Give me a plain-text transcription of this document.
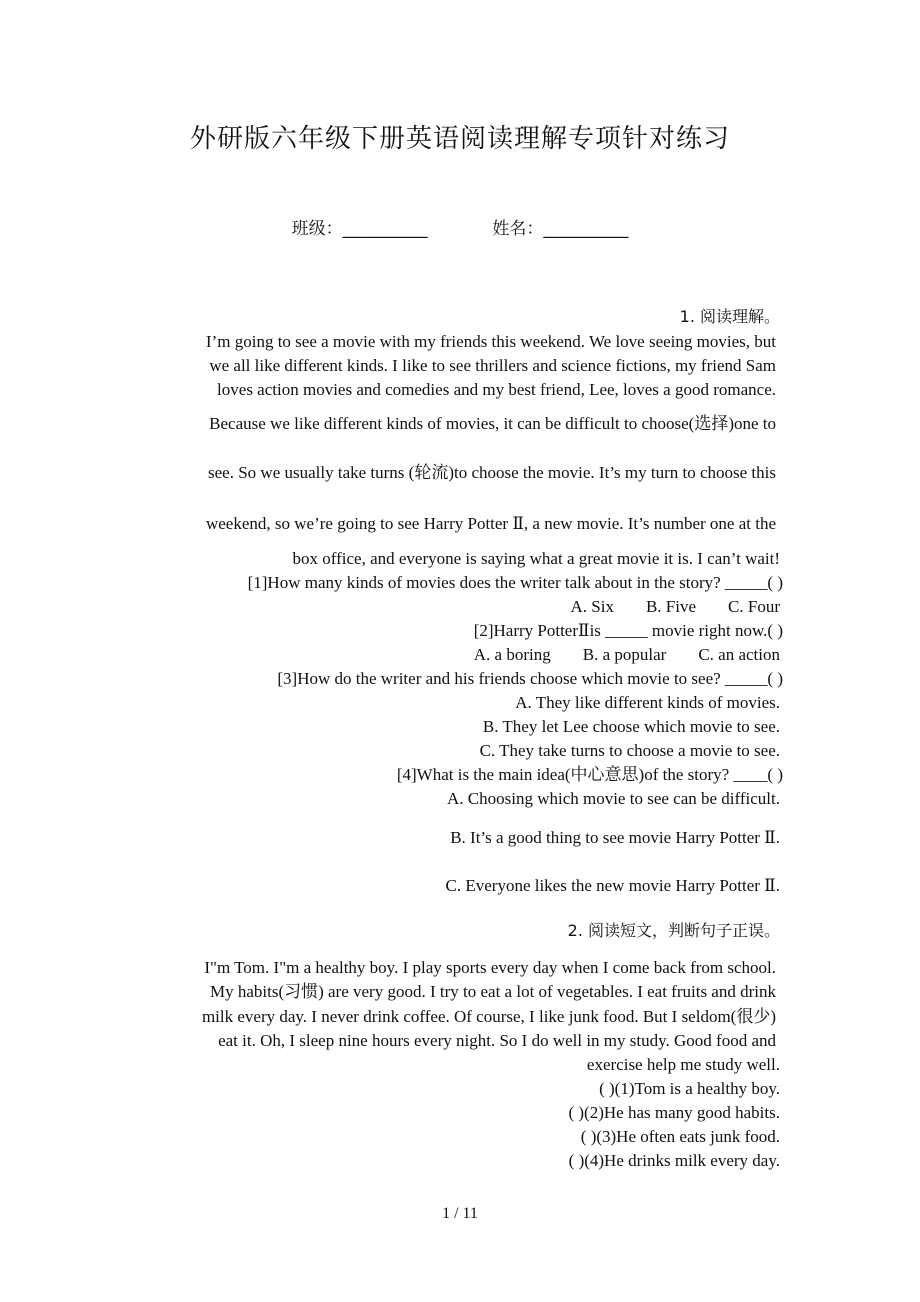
外研版六年级下册英语阅读理解专项针对练习
班级：__________	姓名：__________
1. 阅读理解。
I’m going to see a movie with my friends this weekend. We love seeing movies, but
we all like different kinds. I like to see thrillers and science fictions, my friend Sam
loves action movies and comedies and my best friend, Lee, loves a good romance.
Because we like different kinds of movies, it can be difficult to choose(选择)one to
see. So we usually take turns (轮流)to choose the movie. It’s my turn to choose this
weekend, so we’re going to see Harry Potter Ⅱ, a new movie. It’s number one at the
box office, and everyone is saying what a great movie it is. I can’t wait!
[1]How many kinds of movies does the writer talk about in the story? _____( )
A. Six B. Five C. Four
[2]Harry PotterⅡis _____ movie right now.( )
A. a boring B. a popular C. an action
[3]How do the writer and his friends choose which movie to see? _____( )
A. They like different kinds of movies.
B. They let Lee choose which movie to see.
C. They take turns to choose a movie to see.
[4]What is the main idea(中心意思)of the story? ____( )
A. Choosing which movie to see can be difficult.
B. It’s a good thing to see movie Harry Potter Ⅱ.
C. Everyone likes the new movie Harry Potter Ⅱ.
2. 阅读短文，判断句子正误。
I"m Tom. I"m a healthy boy. I play sports every day when I come back from school.
My habits(习惯) are very good. I try to eat a lot of vegetables. I eat fruits and drink
milk every day. I never drink coffee. Of course, I like junk food. But I seldom(很少)
eat it. Oh, I sleep nine hours every night. So I do well in my study. Good food and
exercise help me study well.
( )(1)Tom is a healthy boy.
( )(2)He has many good habits.
( )(3)He often eats junk food.
( )(4)He drinks milk every day.
1 / 11
